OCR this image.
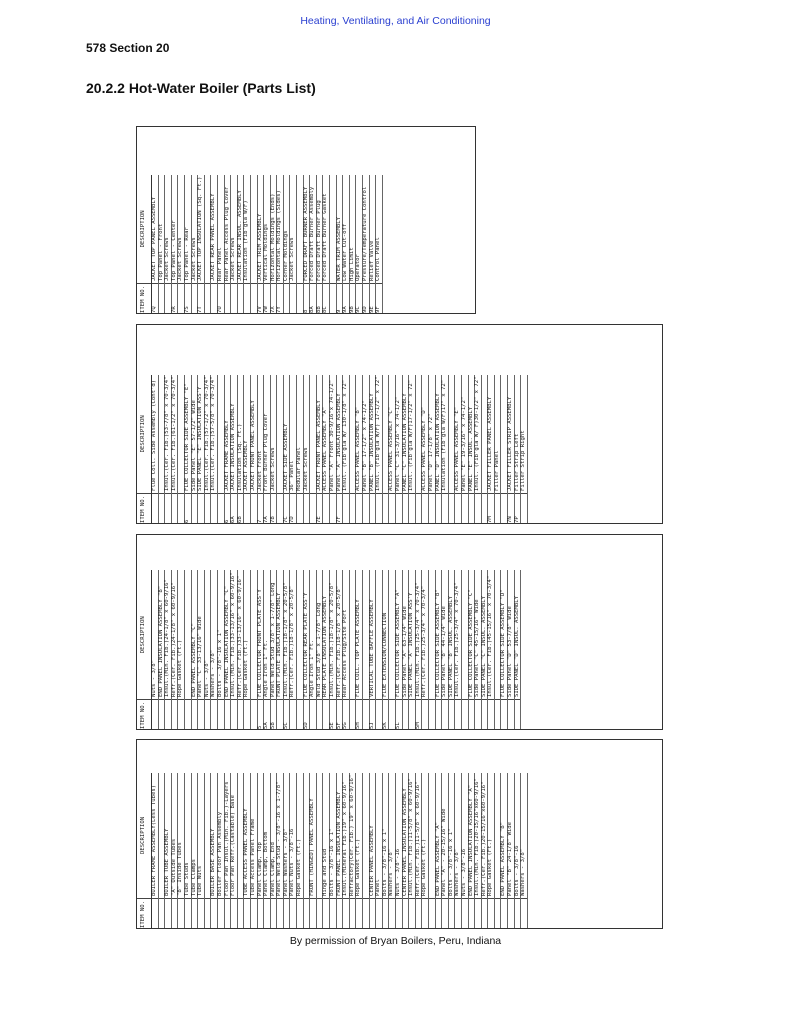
Heating, Ventilating, and Air Conditioning
578 Section 20
20.2.2 Hot-Water Boiler (Parts List)
ITEM NO.	DESCRIPTION
	BOILER FRAME ASSEMBLY(Less Tubes)

	BOILER TUBE ASSEMBLY
	"A" Outside Tubes
	"B" Inside Tubes
	Tube Studs
	Tube Clamps
	Tube Nuts

	BOILER BASE ASSEMBLY
	Boiler Floor Pan Assembly
	Floor Pan Insul.(Min. Fib.)-Layers
	Floor Pan Refr.(Castable) Base

	TUBE ACCESS PANEL ASSEMBLY
	Tube Access Panel Frame
	Panel Clamp, Top
	Panel Clamp, Bottom
	Panel Clamp, End
	Panel Weld Stud - 3/8"-16 x 1-7/8"
	Panel Washers - 3/8"
	Panel Nuts - 3/8"-16
	Rope Gasket (Ft.)

	FRONT (HINGED) PANEL ASSEMBLY

	Hinge and Stud
	Bolts - 3/8"-16 x 1"
	FRONT PANEL INSULATION ASSEMBLY
	Insul.(Mineral Fib.)19" x 60-9/16"
	Refractory(Cer. Fib.) 19" x 60-9/16"
	Rope Gasket (Ft.)

	CENTER PANEL ASSEMBLY
	Panel
	Bolts - 3/8"-16 x 1"
	Washers - 3/8"
	Nuts - 3/8"-16
	CENTER PANEL INSULATION ASSEMBLY
	Insul.(Min. Fib.)11-5/8" x 60-9/16"
	Refr.(Cer. Fib.)11-5/8" x 60-9/16"
	Rope Gasket (Ft.)

	END PANEL ASSEMBLY "A"
	Panel "A" - 20-15/16" Wide
	Bolts - 3/8"-16 x 1"
	Washers - 3/8"
	Nuts - 3/8"-16
	END PANEL INSULATION ASSEMBLY "A"
	Insul.(Min. Fib.)20-15/16"x60-9/16"
	Refr.(Cer. Fib.)20-15/16"x60-9/16"
	Rope Gasket (Ft.)

	END PANEL ASSEMBLY "B"
	Panel "B" 24-1/8" Wide
	Bolts - 3/8"-16
	Washers - 3/8"
ITEM NO.	DESCRIPTION
	Nuts - 3/8"
	END PANEL INSULATION ASSEMBLY "B"
	Insul.(Min. Fib.)24-1/8" x 60-9/16"
	Refr.(Cer. Fib.)24-1/8" x 60-9/16"
	Rope Gasket (Ft.)

	END PANEL ASSEMBLY "C"
	Panel "C" 33-13/16" Wide
	Nuts - 3/8"
	Washers - 3/8"
	Bolts - 3/8"-16 x 1"
	END PANEL INSULATION ASSEMBLY "C"
	Insul.(Min. Fib.)33-13/16" x 60-9/16"
	Refr.(Cer. Fib.)33-13/16" x 60-9/16"
	Rope Gasket (Ft.)

5	FLUE COLLECTOR FRONT PLATE ASS'Y
5A	Angle Iron 1" Ft.
5B	Panel Weld Stud 3/8" x 1-7/8" Long
	FRONT PLATE INSULATION ASSEMBLY
5C	Insul.(Min. Fib.)18-1/8" x 20-5/8"
	Refr.(Cer. Fib.)18-1/8" x 20-5/8"

5D	FLUE COLLECTOR REAR PLATE ASS'Y
	Angle Iron 1" Ft.
	Weld Stud 3/8" x 1-7/8" Long
	REAR PLATE INSULATION ASSEMBLY
5E	Insul.(Min. Fib.)18-1/8" x 20-5/8"
5F	Refr.(Cer. Fib.)18-1/8" x 20-5/8"
5G	Rear Access Plug/Site Port

5H	FLUE COLL. TOP PLATE ASSEMBLY

5J	VERTICAL TUBE BAFFLE ASSEMBLY

5K	FLUE EXTENSION/CONNECTION

5L	FLUE COLLECTOR SIDE ASSEMBLY "A"
	Side Panel "A" 63-1/4" Wide
	SIDE PANEL "A" INSULATION ASS'Y
5M	Insul.(Min. Fib.)25-3/4" x 70-3/4"
	Refr.(Cer. Fib.)25-3/4" x 70-3/4"

	FLUE COLLECTOR SIDE ASSEMBLY "B"
	Side Panel "B" 44-1/4" Wide
	SIDE PANEL "B" INSUL. ASSEMBLY
	Insul.(Cer. Fib.)25-3/4" x 70-3/4"

	FLUE COLLECTOR SIDE ASSEMBLY "C"
	Side Panel "C" 45-15/16" Wide
	SIDE PANEL "C" INSUL. ASSEMBLY
	Insul.(Cer. Fib.)45-15/16" x 70-3/4"

	FLUE COLLECTOR SIDE ASSEMBLY "D"
	Side Panel "D" 53-7/8" Wide
	SIDE PANEL "D" INSUL. ASSEMBLY
ITEM NO.	DESCRIPTION
	Flue Coll. Side Assembly (Cont'd)

	Insul.(Cer. Fib.)53-7/8" x 70-3/4"
	Insul.(Cer. Fib.)61-1/2" x 70-3/4"

6	FLUE COLLECTOR SIDE ASSEMBLY "E"
	Side Panel "E" 57-1/2" Wide
	SIDE PANEL "E" INSULATION ASS'Y
	Insul.(Cer. Fib.)57-1/2" x 70-3/4"
	Insul.(Cer. Fib.)57-5/8" x 70-3/4"

6	JACKET FRAME ASSEMBLY
6A	JACKET INSULATION ASSEMBLY
6B	Insulation (Sq. Ft.)
	JACKET ASSEMBLY
	JACKET FRONT PANEL ASSEMBLY
7	Jacket Front
7A	Front Burner Plug Cover
7B	Jacket Screws

7C	JACKET SIDE ASSEMBLY
7D	36" Panel
	Modular Panel
	Jacket Screws

7E	JACKET FRONT PANEL ASSEMBLY
	ACCESS PANEL ASSEMBLY "A"
	Panel "A" Front 30-9/16"x 74-1/2"
7F	Panel "A" INSULATION ASSEMBLY
	Insul. (Fib'gla W/ 130-1/8" x 72"

	ACCESS PANEL ASSEMBLY "B"
	Panel "B" 17-1/2" x 74-1/2"
	PANEL "B" INSULATION ASSEMBLY
	Insul. (Fib'gla W/F) 17-1/2" x 72"

	ACCESS PANEL ASSEMBLY "C"
	Panel "C" 31-3/16" x 74-1/2"
	PANEL "C" INSULATION ASSEMBLY
	Insul. (Fib'gla W/F)17-1/2" x 72"

	ACCESS PANEL ASSEMBLY "D"
	Panel "D" 17-1/8" x 72"
	PANEL "D" INSULATION ASSEMBLY
	Insulation (Fib'gla W/F)17" x 72"

	ACCESS PANEL ASSEMBLY "E"
	Panel "E" 19-3/16" x 74-1/2"
	PANEL "E" INSUL. ASSEMBLY
	Insul. (Fib'gla W/ F)30-1/2" x 72"

7M	JACKET FILLER PANEL ASSEMBLY
	Filler Panel

7N	JACKET FILLER STRIP ASSEMBLY
7P	Filler Strip Left
	Filler Strip Right
ITEM NO.	DESCRIPTION
7Q	JACKET TOP PANEL ASSEMBLY
	Top Panel - Front
	Jacket Screws
7R	Top Panel - Center
	Jacket Screws
7S	Top Panel - Rear
	Jacket Screws
7T	JACKET TOP INSULATION (Sq. Ft.)

	JACKET REAR PANEL ASSEMBLY
7U	Rear Panel
	Rear Panel Access Plug Cover
	Jacket Screws
	JACKET REAR INSUL. ASSEMBLY
	Insulation (Fib'gla W/F)

7V	JACKET TRIM ASSEMBLY
7W	Vertical Moldings
7X	Horizontal Moldings (Ends)
7Y	Horizontal Moldings (Sides)
	Corner Moldings
	Jacket Screws

8	FORCED DRAFT BURNER ASSEMBLY
8A	Forced Draft Burner Assembly
8B	Forced Draft Burner Plug
8C	Forced Draft Burner Gasket

9	WATER TRIM ASSEMBLY
9A	Low Water Cut-off
9B	High Limit
9C	Operator
9D	Pressure/Temperature Control
9E	Relief Valve
9F	Control Panel
By permission of Bryan Boilers, Peru, Indiana
